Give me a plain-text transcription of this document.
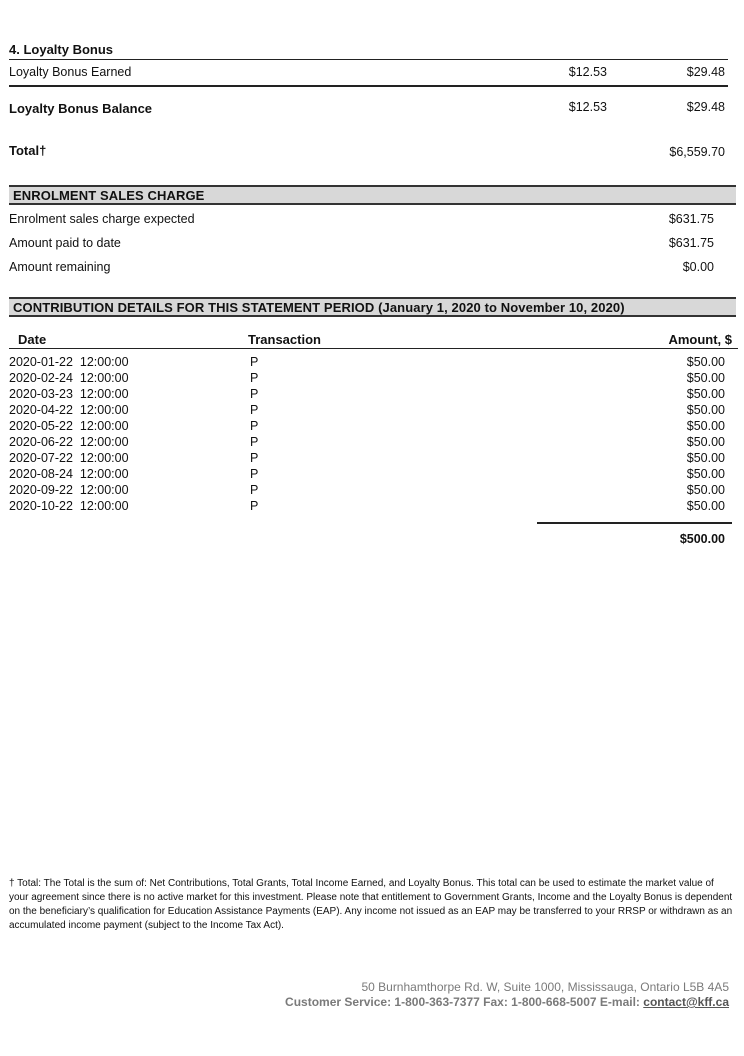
4. Loyalty Bonus
Loyalty Bonus Earned	$12.53	$29.48
Loyalty Bonus Balance	$12.53	$29.48
Total†	$6,559.70
ENROLMENT SALES CHARGE
Enrolment sales charge expected	$631.75
Amount paid to date	$631.75
Amount remaining	$0.00
CONTRIBUTION DETAILS FOR THIS STATEMENT PERIOD (January 1, 2020 to November 10, 2020)
Date	Transaction	Amount, $
2020-01-22  12:00:00	P	$50.00
2020-02-24  12:00:00	P	$50.00
2020-03-23  12:00:00	P	$50.00
2020-04-22  12:00:00	P	$50.00
2020-05-22  12:00:00	P	$50.00
2020-06-22  12:00:00	P	$50.00
2020-07-22  12:00:00	P	$50.00
2020-08-24  12:00:00	P	$50.00
2020-09-22  12:00:00	P	$50.00
2020-10-22  12:00:00	P	$50.00
$500.00
† Total: The Total is the sum of: Net Contributions, Total Grants, Total Income Earned, and Loyalty Bonus. This total can be used to estimate the market value of your agreement since there is no active market for this investment. Please note that entitlement to Government Grants, Income and the Loyalty Bonus is dependent on the beneficiary’s qualification for Education Assistance Payments (EAP). Any income not issued as an EAP may be transferred to your RRSP or withdrawn as an accumulated income payment (subject to the Income Tax Act).
50 Burnhamthorpe Rd. W, Suite 1000, Mississauga, Ontario L5B 4A5
Customer Service: 1-800-363-7377 Fax: 1-800-668-5007 E-mail: contact@kff.ca
